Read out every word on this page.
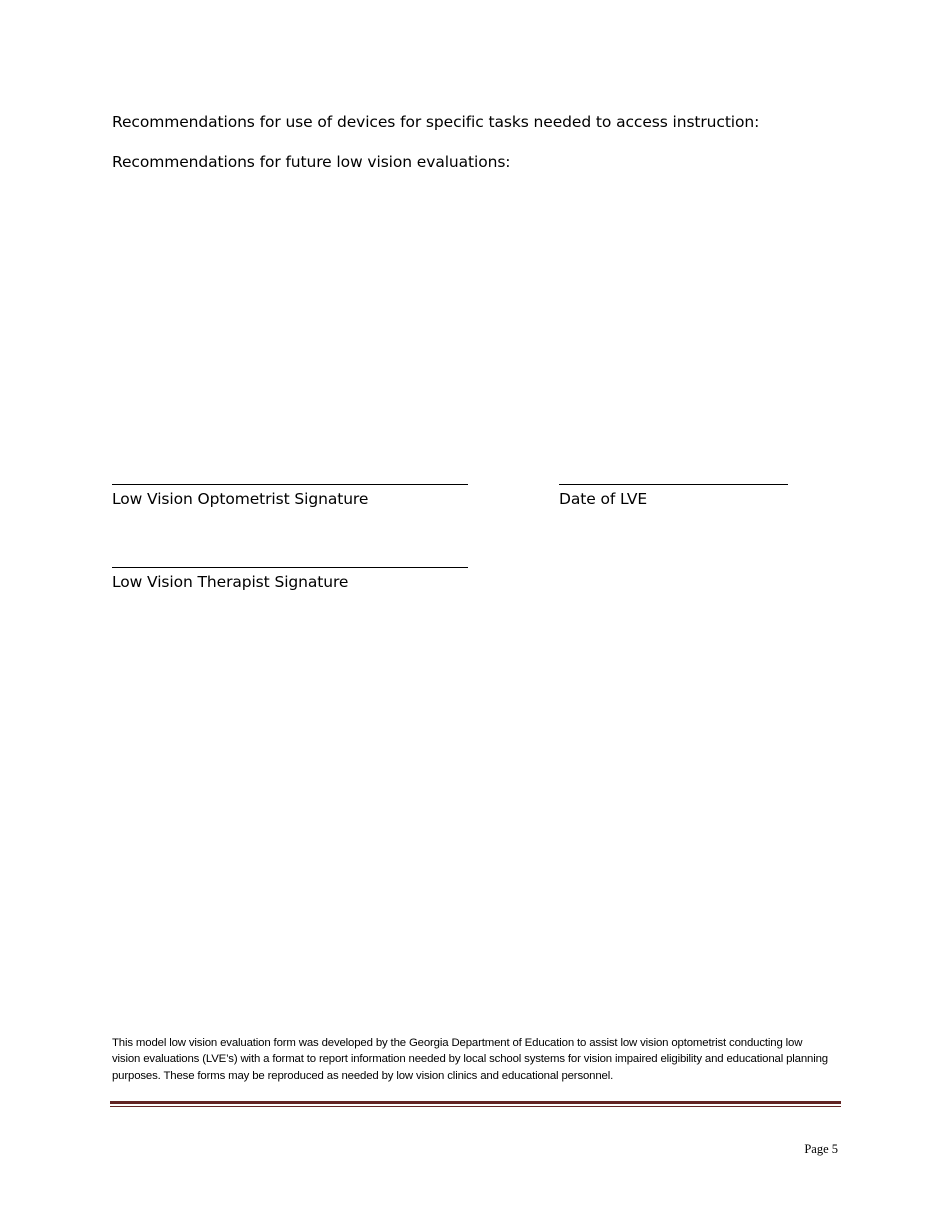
Recommendations for use of devices for specific tasks needed to access instruction:
Recommendations for future low vision evaluations:
Low Vision Optometrist Signature	Date of LVE
Low Vision Therapist Signature
This model low vision evaluation form was developed by the Georgia Department of Education to assist low vision optometrist conducting low vision evaluations (LVE’s) with a format to report information needed by local school systems for vision impaired eligibility and educational planning purposes. These forms may be reproduced as needed by low vision clinics and educational personnel.
Page 5
